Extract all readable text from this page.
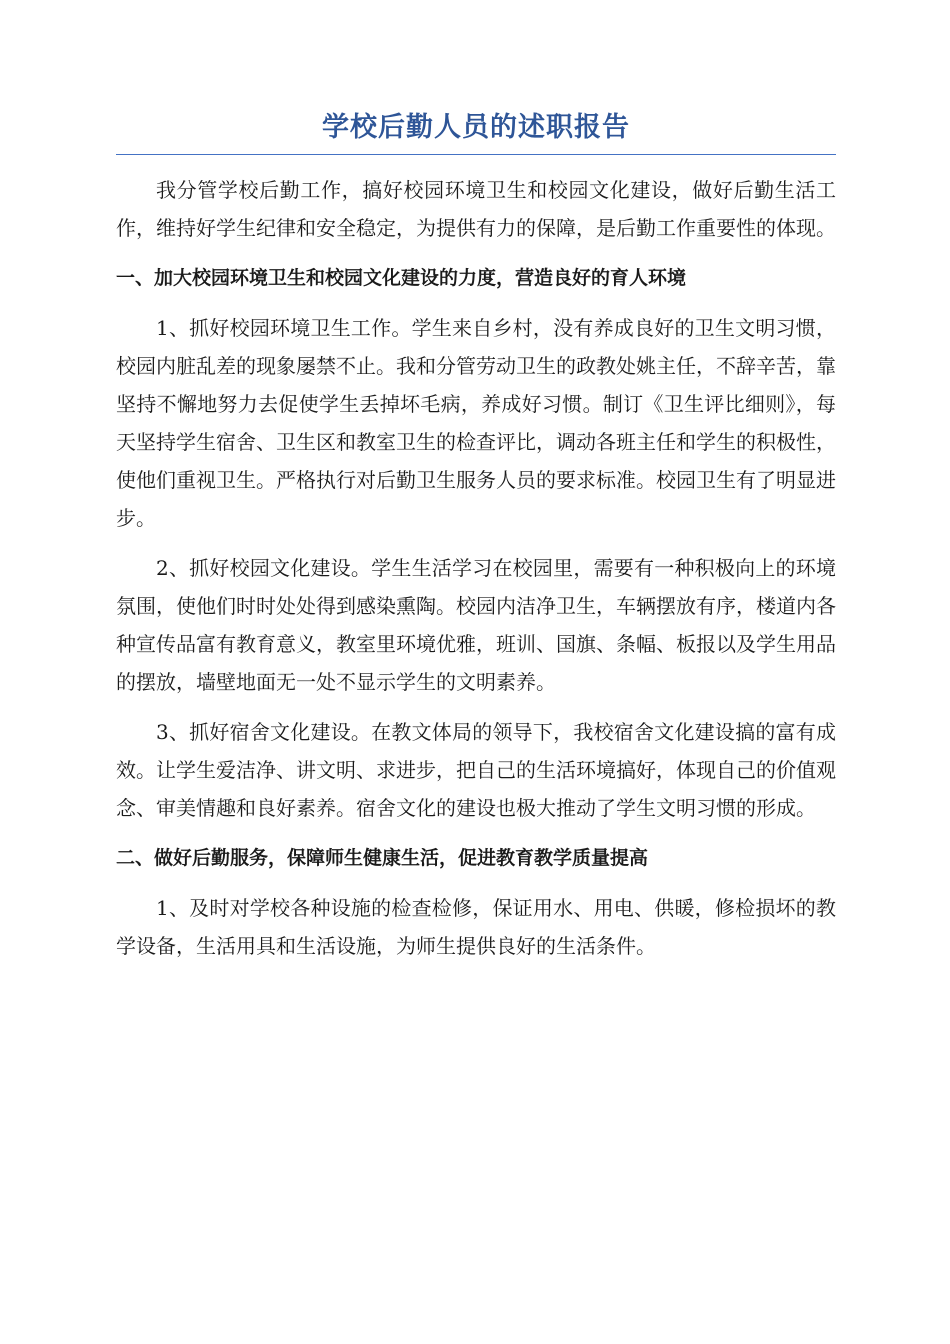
学校后勤人员的述职报告

我分管学校后勤工作，搞好校园环境卫生和校园文化建设，做好后勤生活工作，维持好学生纪律和安全稳定，为提供有力的保障，是后勤工作重要性的体现。

一、加大校园环境卫生和校园文化建设的力度，营造良好的育人环境

1、抓好校园环境卫生工作。学生来自乡村，没有养成良好的卫生文明习惯，校园内脏乱差的现象屡禁不止。我和分管劳动卫生的政教处姚主任，不辞辛苦，靠坚持不懈地努力去促使学生丢掉坏毛病，养成好习惯。制订《卫生评比细则》，每天坚持学生宿舍、卫生区和教室卫生的检查评比，调动各班主任和学生的积极性，使他们重视卫生。严格执行对后勤卫生服务人员的要求标准。校园卫生有了明显进步。

2、抓好校园文化建设。学生生活学习在校园里，需要有一种积极向上的环境氛围，使他们时时处处得到感染熏陶。校园内洁净卫生，车辆摆放有序，楼道内各种宣传品富有教育意义，教室里环境优雅，班训、国旗、条幅、板报以及学生用品的摆放，墙壁地面无一处不显示学生的文明素养。

3、抓好宿舍文化建设。在教文体局的领导下，我校宿舍文化建设搞的富有成效。让学生爱洁净、讲文明、求进步，把自己的生活环境搞好，体现自己的价值观念、审美情趣和良好素养。宿舍文化的建设也极大推动了学生文明习惯的形成。

二、做好后勤服务，保障师生健康生活，促进教育教学质量提高

1、及时对学校各种设施的检查检修，保证用水、用电、供暖，修检损坏的教学设备，生活用具和生活设施，为师生提供良好的生活条件。
